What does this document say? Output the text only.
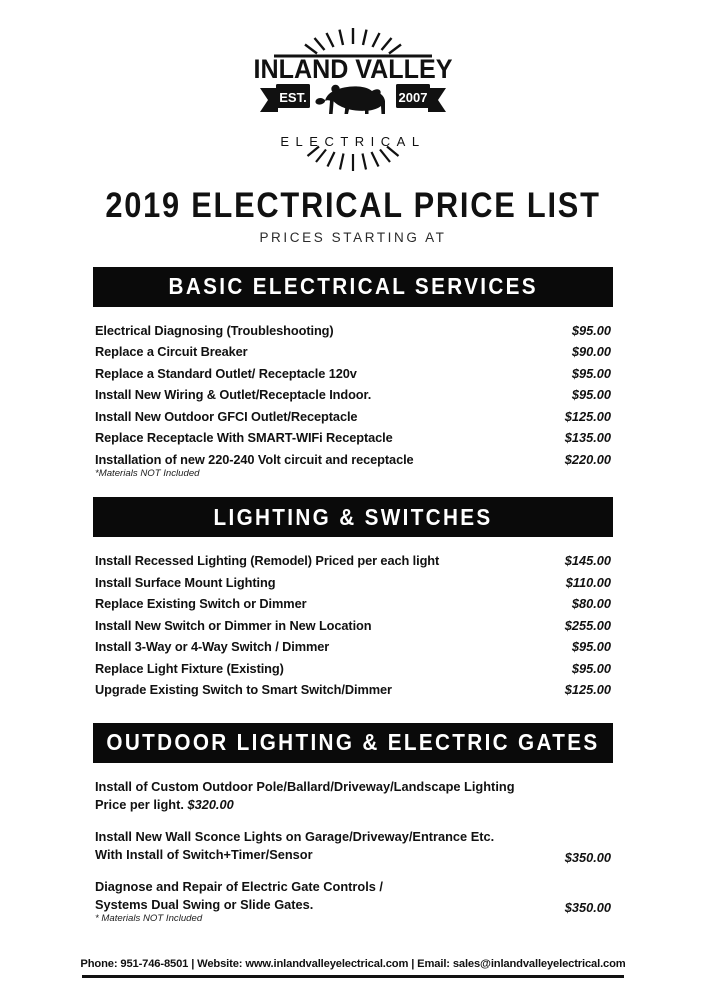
INLAND VALLEY
EST.	2007
ELECTRICAL
2019 ELECTRICAL PRICE LIST
PRICES STARTING AT
BASIC ELECTRICAL SERVICES
Electrical Diagnosing (Troubleshooting)	$95.00
Replace a Circuit Breaker	$90.00
Replace a Standard Outlet/ Receptacle 120v	$95.00
Install New Wiring & Outlet/Receptacle Indoor.	$95.00
Install New Outdoor GFCI Outlet/Receptacle	$125.00
Replace Receptacle With SMART-WIFi Receptacle	$135.00
Installation of new 220-240 Volt circuit and receptacle	$220.00
*Materials NOT Included
LIGHTING & SWITCHES
Install Recessed Lighting (Remodel) Priced per each light	$145.00
Install Surface Mount Lighting	$110.00
Replace Existing Switch or Dimmer	$80.00
Install New Switch or Dimmer in New Location	$255.00
Install 3-Way or 4-Way Switch / Dimmer	$95.00
Replace Light Fixture (Existing)	$95.00
Upgrade Existing Switch to Smart Switch/Dimmer	$125.00
OUTDOOR LIGHTING & ELECTRIC GATES
Install of Custom Outdoor Pole/Ballard/Driveway/Landscape Lighting
Price per light. $320.00
Install New Wall Sconce Lights on Garage/Driveway/Entrance Etc.
With Install of Switch+Timer/Sensor	$350.00
Diagnose and Repair of Electric Gate Controls /
Systems Dual Swing or Slide Gates.	$350.00
* Materials NOT Included
Phone: 951-746-8501 | Website: www.inlandvalleyelectrical.com | Email: sales@inlandvalleyelectrical.com
